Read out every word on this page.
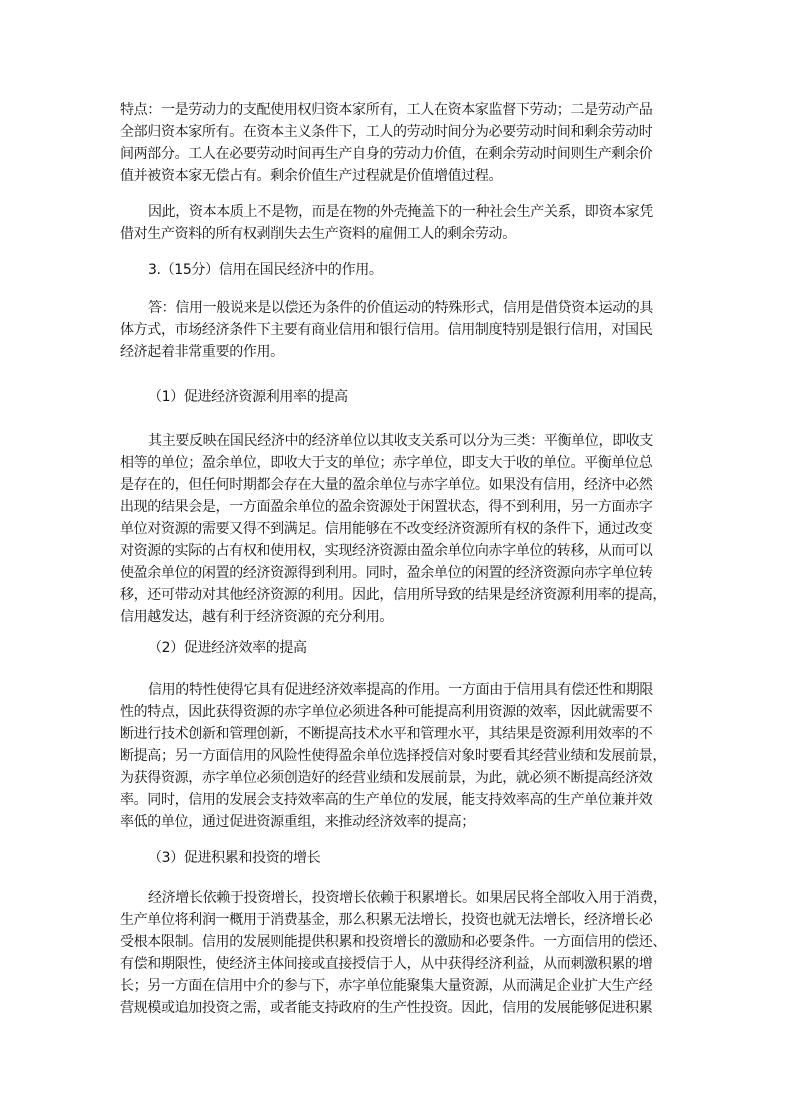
特点：一是劳动力的支配使用权归资本家所有，工人在资本家监督下劳动；二是劳动产品
全部归资本家所有。在资本主义条件下，工人的劳动时间分为必要劳动时间和剩余劳动时
间两部分。工人在必要劳动时间再生产自身的劳动力价值，在剩余劳动时间则生产剩余价
值并被资本家无偿占有。剩余价值生产过程就是价值增值过程。
因此，资本本质上不是物，而是在物的外壳掩盖下的一种社会生产关系，即资本家凭
借对生产资料的所有权剥削失去生产资料的雇佣工人的剩余劳动。
3.（15分）信用在国民经济中的作用。
答：信用一般说来是以偿还为条件的价值运动的特殊形式，信用是借贷资本运动的具
体方式，市场经济条件下主要有商业信用和银行信用。信用制度特别是银行信用，对国民
经济起着非常重要的作用。
（1）促进经济资源利用率的提高
其主要反映在国民经济中的经济单位以其收支关系可以分为三类：平衡单位，即收支
相等的单位；盈余单位，即收大于支的单位；赤字单位，即支大于收的单位。平衡单位总
是存在的，但任何时期都会存在大量的盈余单位与赤字单位。如果没有信用，经济中必然
出现的结果会是，一方面盈余单位的盈余资源处于闲置状态，得不到利用，另一方面赤字
单位对资源的需要又得不到满足。信用能够在不改变经济资源所有权的条件下，通过改变
对资源的实际的占有权和使用权，实现经济资源由盈余单位向赤字单位的转移，从而可以
使盈余单位的闲置的经济资源得到利用。同时，盈余单位的闲置的经济资源向赤字单位转
移，还可带动对其他经济资源的利用。因此，信用所导致的结果是经济资源利用率的提高，
信用越发达，越有利于经济资源的充分利用。
（2）促进经济效率的提高
信用的特性使得它具有促进经济效率提高的作用。一方面由于信用具有偿还性和期限
性的特点，因此获得资源的赤字单位必须进各种可能提高利用资源的效率，因此就需要不
断进行技术创新和管理创新，不断提高技术水平和管理水平，其结果是资源利用效率的不
断提高；另一方面信用的风险性使得盈余单位选择授信对象时要看其经营业绩和发展前景，
为获得资源，赤字单位必须创造好的经营业绩和发展前景，为此，就必须不断提高经济效
率。同时，信用的发展会支持效率高的生产单位的发展，能支持效率高的生产单位兼并效
率低的单位，通过促进资源重组，来推动经济效率的提高；
（3）促进积累和投资的增长
经济增长依赖于投资增长，投资增长依赖于积累增长。如果居民将全部收入用于消费，
生产单位将利润一概用于消费基金，那么积累无法增长，投资也就无法增长，经济增长必
受根本限制。信用的发展则能提供积累和投资增长的激励和必要条件。一方面信用的偿还、
有偿和期限性，使经济主体间接或直接授信于人，从中获得经济利益，从而刺激积累的增
长；另一方面在信用中介的参与下，赤字单位能聚集大量资源，从而满足企业扩大生产经
营规模或追加投资之需，或者能支持政府的生产性投资。因此，信用的发展能够促进积累
